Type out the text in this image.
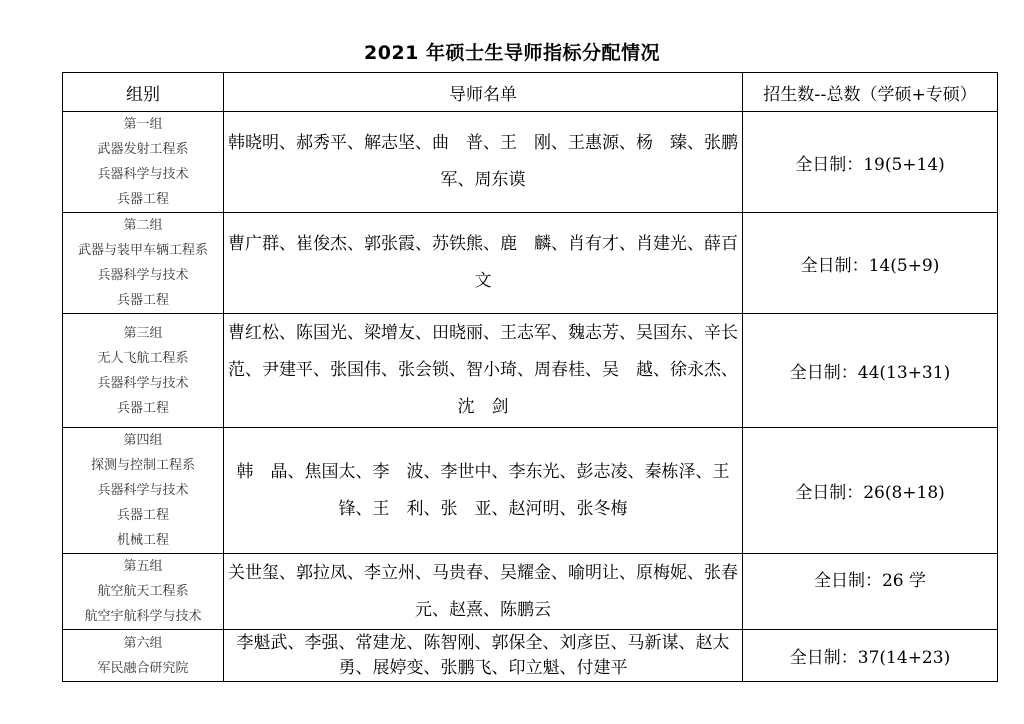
2021 年硕士生导师指标分配情况
组别	导师名单	招生数--总数（学硕+专硕）

第一组
武器发射工程系
兵器科学与技术
兵器工程	韩晓明、郝秀平、解志坚、曲　普、王　刚、王惠源、杨　臻、张鹏军、周东谟	全日制：19(5+14)

第二组
武器与装甲车辆工程系
兵器科学与技术
兵器工程	曹广群、崔俊杰、郭张霞、苏铁熊、鹿　麟、肖有才、肖建光、薛百文	全日制：14(5+9)

第三组
无人飞航工程系
兵器科学与技术
兵器工程	曹红松、陈国光、梁增友、田晓丽、王志军、魏志芳、吴国东、辛长范、尹建平、张国伟、张会锁、智小琦、周春桂、吴　越、徐永杰、沈　剑	全日制：44(13+31)

第四组
探测与控制工程系
兵器科学与技术
兵器工程
机械工程	韩　晶、焦国太、李　波、李世中、李东光、彭志凌、秦栋泽、王　锋、王　利、张　亚、赵河明、张冬梅	全日制：26(8+18)

第五组
航空航天工程系
航空宇航科学与技术	关世玺、郭拉凤、李立州、马贵春、吴耀金、喻明让、原梅妮、张春元、赵熹、陈鹏云	全日制：26 学

第六组
军民融合研究院	李魁武、李强、常建龙、陈智刚、郭保全、刘彦臣、马新谋、赵太勇、展婷变、张鹏飞、印立魁、付建平	全日制：37(14+23)
